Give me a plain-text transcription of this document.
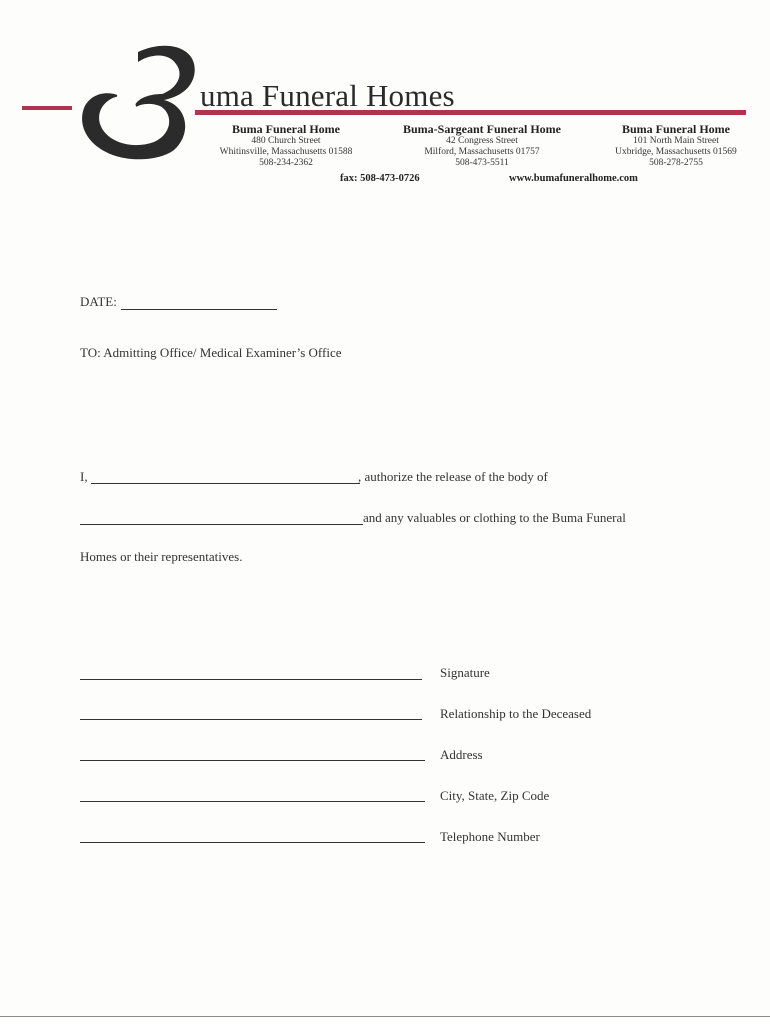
uma Funeral Homes
Buma Funeral Home
480 Church Street
Whitinsville, Massachusetts 01588
508-234-2362
Buma-Sargeant Funeral Home
42 Congress Street
Milford, Massachusetts 01757
508-473-5511
Buma Funeral Home
101 North Main Street
Uxbridge, Massachusetts 01569
508-278-2755
fax: 508-473-0726	www.bumafuneralhome.com
DATE:
TO: Admitting Office/ Medical Examiner’s Office
I,	, authorize the release of the body of
and any valuables or clothing to the Buma Funeral
Homes or their representatives.
Signature
Relationship to the Deceased
Address
City, State, Zip Code
Telephone Number
